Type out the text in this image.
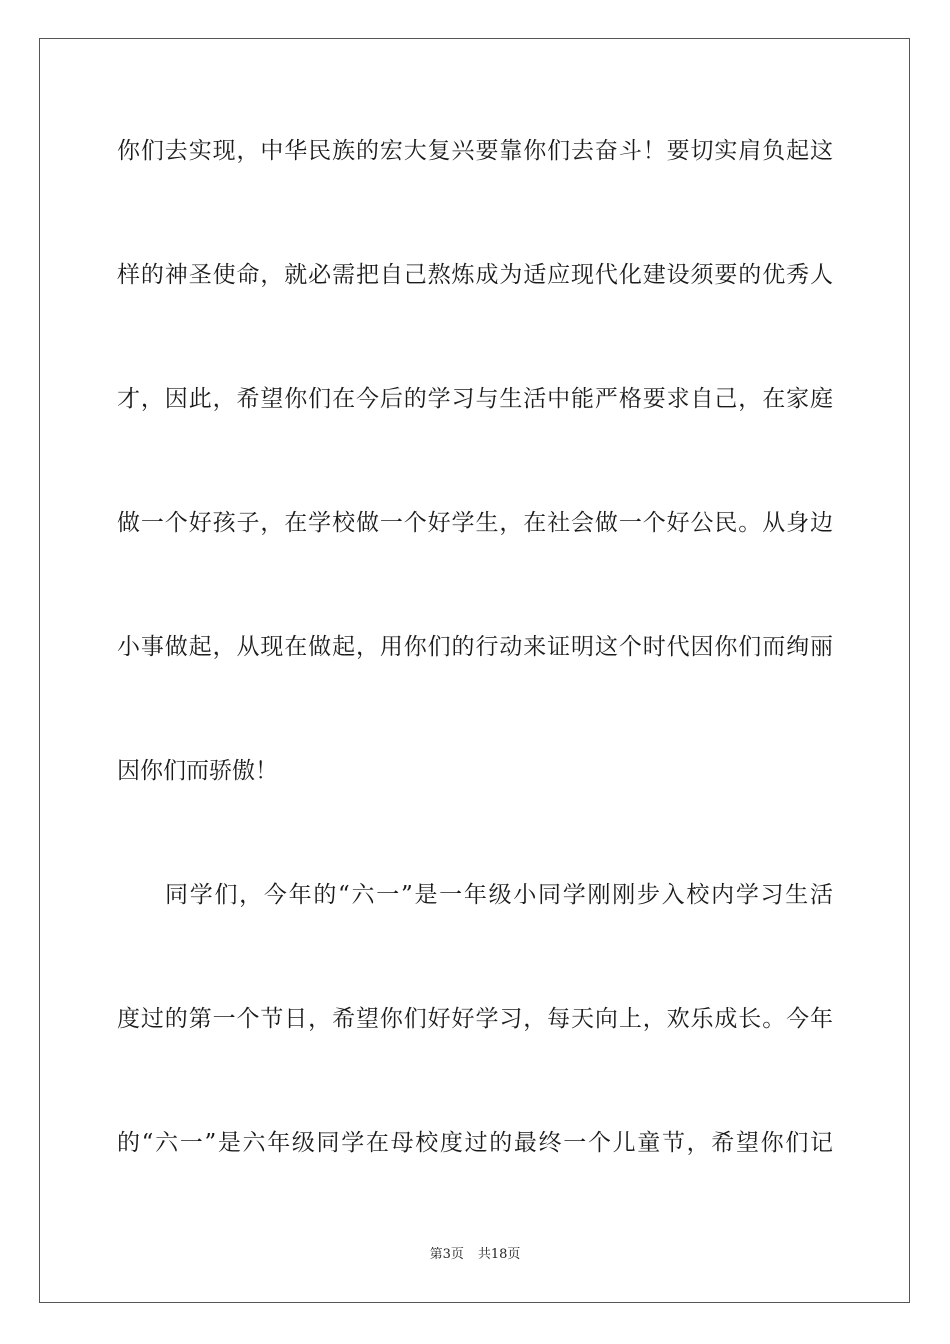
你们去实现，中华民族的宏大复兴要靠你们去奋斗！要切实肩负起这
样的神圣使命，就必需把自己熬炼成为适应现代化建设须要的优秀人
才，因此，希望你们在今后的学习与生活中能严格要求自己，在家庭
做一个好孩子，在学校做一个好学生，在社会做一个好公民。从身边
小事做起，从现在做起，用你们的行动来证明这个时代因你们而绚丽
因你们而骄傲！
同学们，今年的“六一”是一年级小同学刚刚步入校内学习生活
度过的第一个节日，希望你们好好学习，每天向上，欢乐成长。今年
的“六一”是六年级同学在母校度过的最终一个儿童节，希望你们记
第3页 共18页
